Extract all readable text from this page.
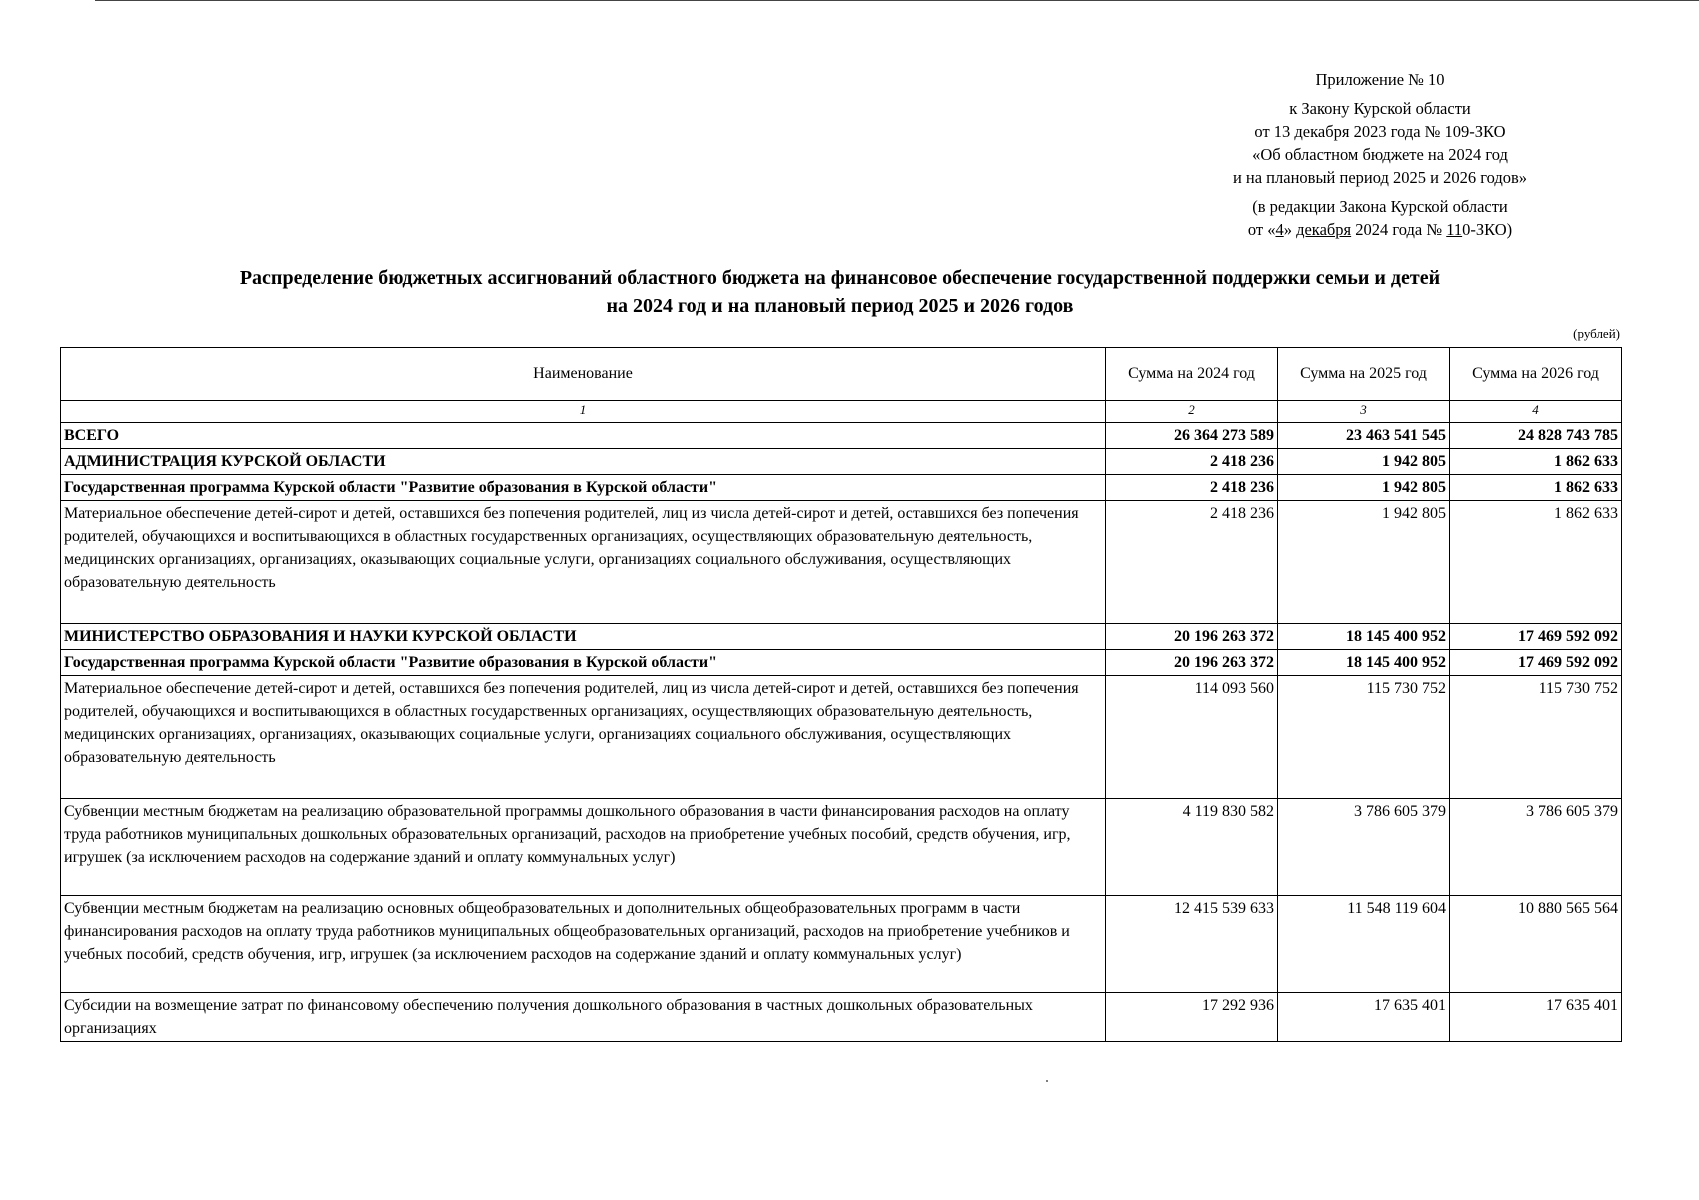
Приложение № 10
к Закону Курской области
от 13 декабря 2023 года № 109-ЗКО
«Об областном бюджете на 2024 год
и на плановый период 2025 и 2026 годов»
(в редакции Закона Курской области
от «4» декабря 2024 года № 110-ЗКО)
Распределение бюджетных ассигнований областного бюджета на финансовое обеспечение государственной поддержки семьи и детей
на 2024 год и на плановый период 2025 и 2026 годов
(рублей)
Наименование	Сумма на 2024 год	Сумма на 2025 год	Сумма на 2026 год
1	2	3	4
ВСЕГО	26 364 273 589	23 463 541 545	24 828 743 785
АДМИНИСТРАЦИЯ КУРСКОЙ ОБЛАСТИ	2 418 236	1 942 805	1 862 633
Государственная программа Курской области "Развитие образования в Курской области"	2 418 236	1 942 805	1 862 633
Материальное обеспечение детей-сирот и детей, оставшихся без попечения родителей, лиц из числа детей-сирот и детей, оставшихся без попечения родителей, обучающихся и воспитывающихся в областных государственных организациях, осуществляющих образовательную деятельность, медицинских организациях, организациях, оказывающих социальные услуги, организациях социального обслуживания, осуществляющих образовательную деятельность	2 418 236	1 942 805	1 862 633
МИНИСТЕРСТВО ОБРАЗОВАНИЯ И НАУКИ КУРСКОЙ ОБЛАСТИ	20 196 263 372	18 145 400 952	17 469 592 092
Государственная программа Курской области "Развитие образования в Курской области"	20 196 263 372	18 145 400 952	17 469 592 092
Материальное обеспечение детей-сирот и детей, оставшихся без попечения родителей, лиц из числа детей-сирот и детей, оставшихся без попечения родителей, обучающихся и воспитывающихся в областных государственных организациях, осуществляющих образовательную деятельность, медицинских организациях, организациях, оказывающих социальные услуги, организациях социального обслуживания, осуществляющих образовательную деятельность	114 093 560	115 730 752	115 730 752
Субвенции местным бюджетам на реализацию образовательной программы дошкольного образования в части финансирования расходов на оплату труда работников муниципальных дошкольных образовательных организаций, расходов на приобретение учебных пособий, средств обучения, игр, игрушек (за исключением расходов на содержание зданий и оплату коммунальных услуг)	4 119 830 582	3 786 605 379	3 786 605 379
Субвенции местным бюджетам на реализацию основных общеобразовательных и дополнительных общеобразовательных программ в части финансирования расходов на оплату труда работников муниципальных общеобразовательных организаций, расходов на приобретение учебников и учебных пособий, средств обучения, игр, игрушек (за исключением расходов на содержание зданий и оплату коммунальных услуг)	12 415 539 633	11 548 119 604	10 880 565 564
Субсидии на возмещение затрат по финансовому обеспечению получения дошкольного образования в частных дошкольных образовательных организациях	17 292 936	17 635 401	17 635 401
